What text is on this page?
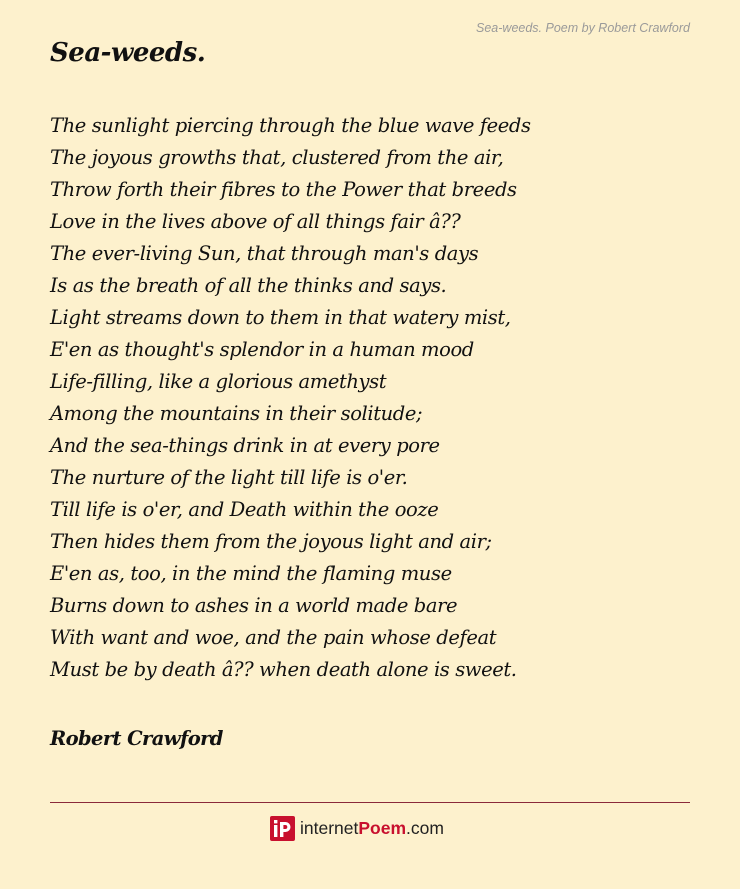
Sea-weeds. Poem by Robert Crawford
Sea-weeds.
The sunlight piercing through the blue wave feeds
The joyous growths that, clustered from the air,
Throw forth their fibres to the Power that breeds
Love in the lives above of all things fair â??
The ever-living Sun, that through man's days
Is as the breath of all the thinks and says.
Light streams down to them in that watery mist,
E'en as thought's splendor in a human mood
Life-filling, like a glorious amethyst
Among the mountains in their solitude;
And the sea-things drink in at every pore
The nurture of the light till life is o'er.
Till life is o'er, and Death within the ooze
Then hides them from the joyous light and air;
E'en as, too, in the mind the flaming muse
Burns down to ashes in a world made bare
With want and woe, and the pain whose defeat
Must be by death â?? when death alone is sweet.
Robert Crawford
internetPoem.com
